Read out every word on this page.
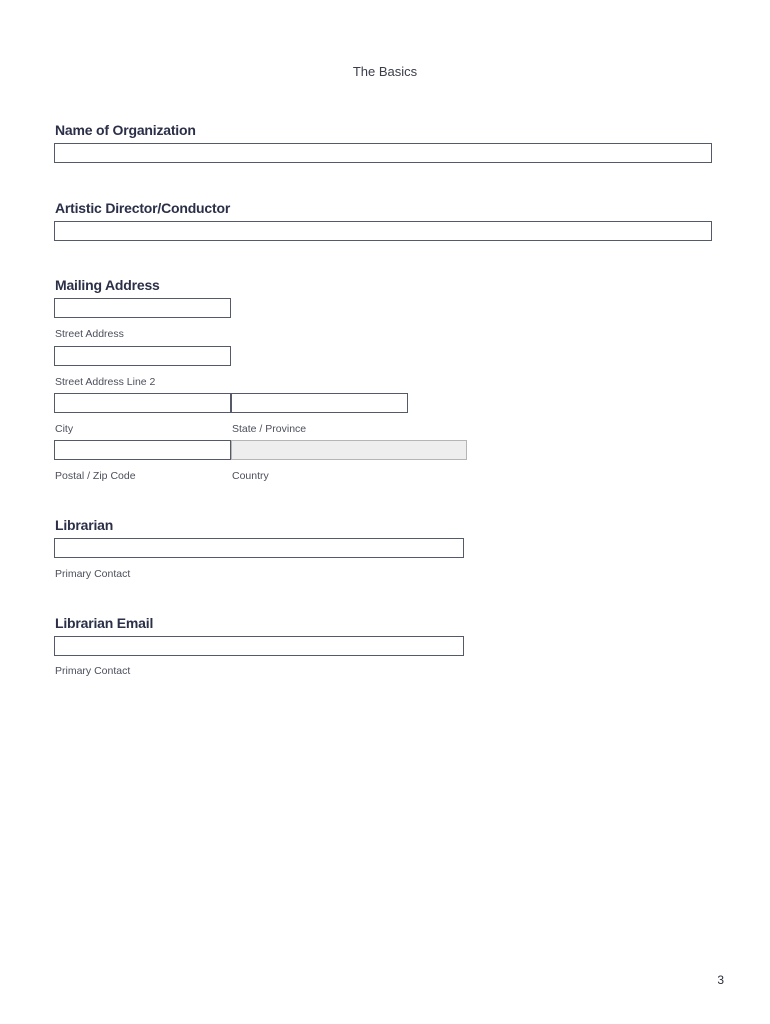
The Basics
Name of Organization
Artistic Director/Conductor
Mailing Address
Street Address
Street Address Line 2
City	State / Province
Postal / Zip Code	Country
Librarian
Primary Contact
Librarian Email
Primary Contact
3
